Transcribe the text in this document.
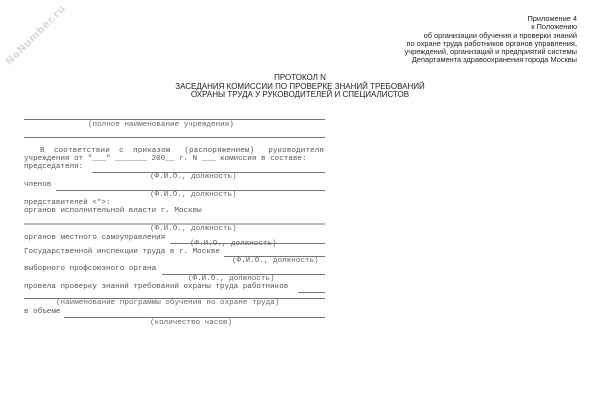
NoNumber.ru	Приложение 4
к Положению
об организации обучения и проверки знаний
по охране труда работников органов управления,
учреждений, организаций и предприятий системы
Департамента здравоохранения города Москвы
ПРОТОКОЛ N
ЗАСЕДАНИЯ КОМИССИИ ПО ПРОВЕРКЕ ЗНАНИЙ ТРЕБОВАНИЙ
ОХРАНЫ ТРУДА У РУКОВОДИТЕЛЕЙ И СПЕЦИАЛИСТОВ
(полное наименование учреждения)
В  соответствии  с  приказом   (распоряжением)   руководителя
учреждения от "___" _______ 200__ г. N ___ комиссия в составе:
председателя:
(Ф.И.О., должность)
членов
(Ф.И.О., должность)
представителей <*>:
органов исполнительной власти г. Москвы
(Ф.И.О., должность)
органов местного самоуправления
(Ф.И.О., должность)
Государственной инспекции труда в г. Москве
(Ф.И.О., должность)
выборного профсоюзного органа
(Ф.И.О., должность)
провела проверку знаний требований охраны труда работников
(наименование программы обучения по охране труда)
в объеме
(количество часов)
